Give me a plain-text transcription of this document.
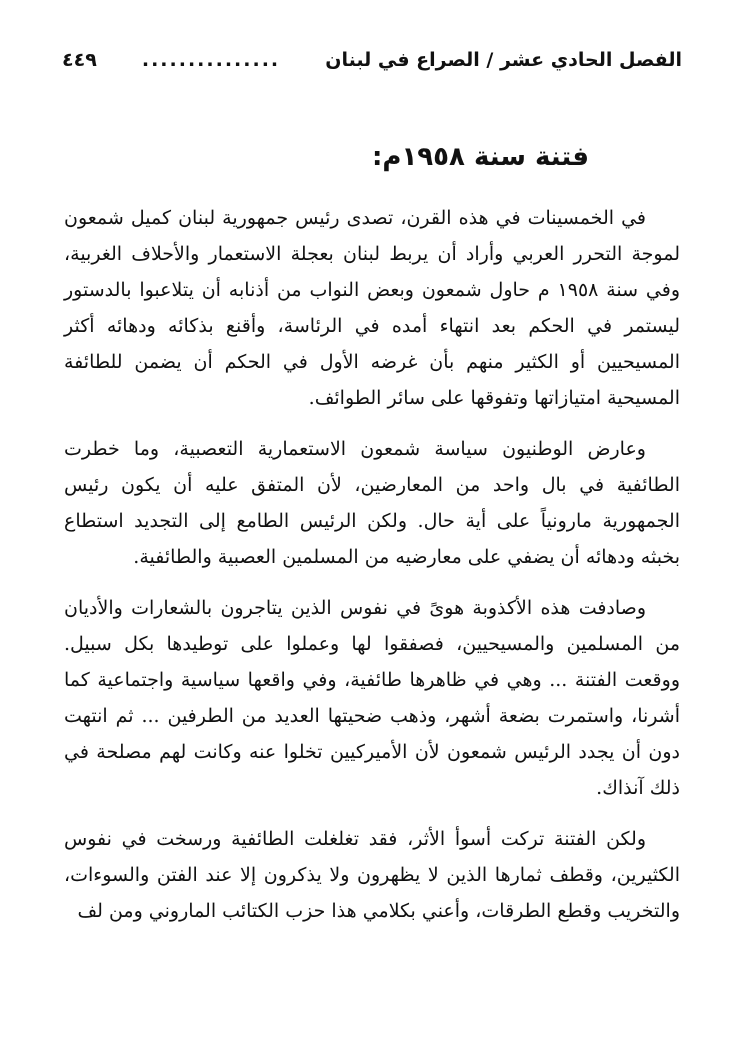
الفصل الحادي عشر / الصراع في لبنان
...............
٤٤٩
فتنة سنة ١٩٥٨م:

في الخمسينات في هذه القرن، تصدى رئيس جمهورية لبنان كميل شمعون لموجة التحرر العربي وأراد أن يربط لبنان بعجلة الاستعمار والأحلاف الغربية، وفي سنة ١٩٥٨ م حاول شمعون وبعض النواب من أذنابه أن يتلاعبوا بالدستور ليستمر في الحكم بعد انتهاء أمده في الرئاسة، وأقنع بذكائه ودهائه أكثر المسيحيين أو الكثير منهم بأن غرضه الأول في الحكم أن يضمن للطائفة المسيحية امتيازاتها وتفوقها على سائر الطوائف.

وعارض الوطنيون سياسة شمعون الاستعمارية التعصبية، وما خطرت الطائفية في بال واحد من المعارضين، لأن المتفق عليه أن يكون رئيس الجمهورية مارونياً على أية حال. ولكن الرئيس الطامع إلى التجديد استطاع بخبثه ودهائه أن يضفي على معارضيه من المسلمين العصبية والطائفية.

وصادفت هذه الأكذوبة هوىً في نفوس الذين يتاجرون بالشعارات والأديان من المسلمين والمسيحيين، فصفقوا لها وعملوا على توطيدها بكل سبيل. ووقعت الفتنة ... وهي في ظاهرها طائفية، وفي واقعها سياسية واجتماعية كما أشرنا، واستمرت بضعة أشهر، وذهب ضحيتها العديد من الطرفين ... ثم انتهت دون أن يجدد الرئيس شمعون لأن الأميركيين تخلوا عنه وكانت لهم مصلحة في ذلك آنذاك.

ولكن الفتنة تركت أسوأ الأثر، فقد تغلغلت الطائفية ورسخت في نفوس الكثيرين، وقطف ثمارها الذين لا يظهرون ولا يذكرون إلا عند الفتن والسوءات، والتخريب وقطع الطرقات، وأعني بكلامي هذا حزب الكتائب الماروني ومن لف
